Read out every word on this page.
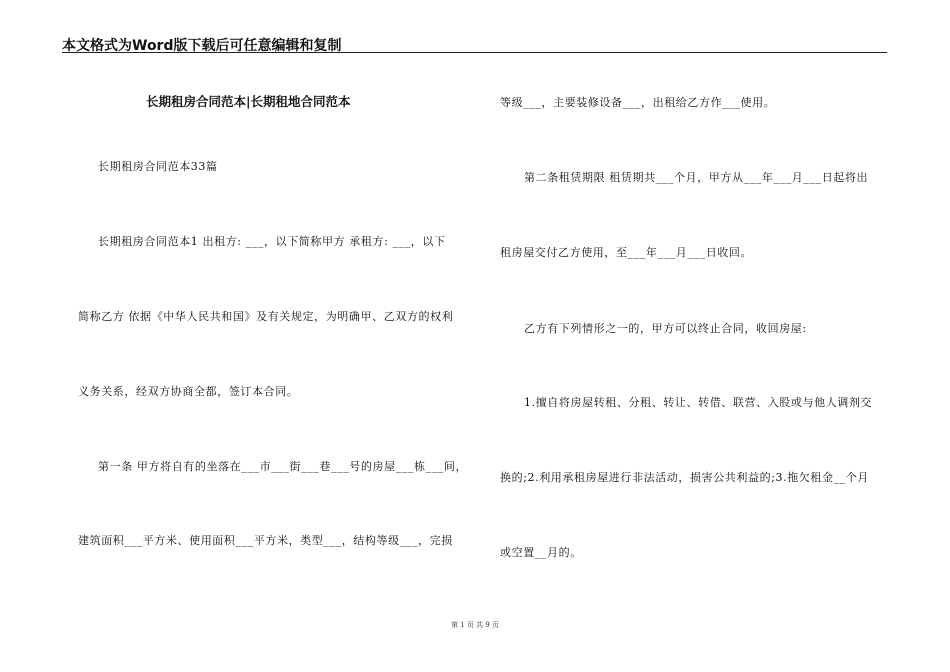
本文格式为Word版下载后可任意编辑和复制
长期租房合同范本|长期租地合同范本
长期租房合同范本33篇
长期租房合同范本1 出租方: ___，以下简称甲方 承租方: ___，以下
简称乙方 依据《中华人民共和国》及有关规定，为明确甲、乙双方的权利
义务关系，经双方协商全都，签订本合同。
第一条 甲方将自有的坐落在___市___街___巷___号的房屋___栋___间，
建筑面积___平方米、使用面积___平方米，类型___，结构等级___，完损
等级___，主要装修设备___，出租给乙方作___使用。
第二条租赁期限 租赁期共___个月，甲方从___年___月___日起将出
租房屋交付乙方使用，至___年___月___日收回。
乙方有下列情形之一的，甲方可以终止合同，收回房屋:
1.擅自将房屋转租、分租、转让、转借、联营、入股或与他人调剂交
换的;2.利用承租房屋进行非法活动，损害公共利益的;3.拖欠租金__个月
或空置__月的。
第 1 页 共 9 页
